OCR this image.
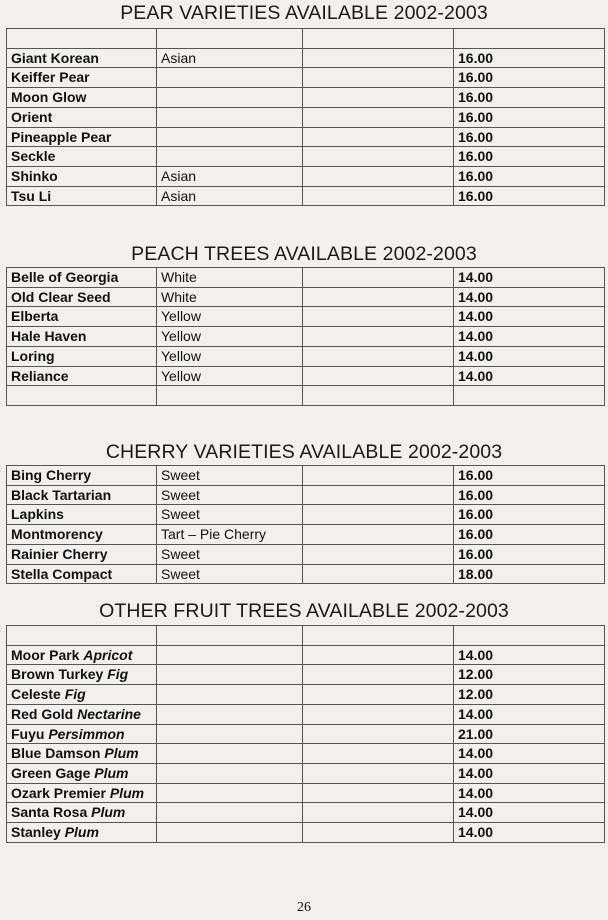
PEAR VARIETIES AVAILABLE 2002-2003

Giant Korean	Asian		16.00
Keiffer Pear			16.00
Moon Glow			16.00
Orient			16.00
Pineapple Pear			16.00
Seckle			16.00
Shinko	Asian		16.00
Tsu Li	Asian		16.00
PEACH TREES AVAILABLE 2002-2003
Belle of Georgia	White		14.00
Old Clear Seed	White		14.00
Elberta	Yellow		14.00
Hale Haven	Yellow		14.00
Loring	Yellow		14.00
Reliance	Yellow		14.00

CHERRY VARIETIES AVAILABLE 2002-2003
Bing Cherry	Sweet		16.00
Black Tartarian	Sweet		16.00
Lapkins	Sweet		16.00
Montmorency	Tart – Pie Cherry		16.00
Rainier Cherry	Sweet		16.00
Stella Compact	Sweet		18.00
OTHER FRUIT TREES AVAILABLE 2002-2003

Moor Park Apricot			14.00
Brown Turkey Fig			12.00
Celeste Fig			12.00
Red Gold Nectarine			14.00
Fuyu Persimmon			21.00
Blue Damson Plum			14.00
Green Gage Plum			14.00
Ozark Premier Plum			14.00
Santa Rosa Plum			14.00
Stanley Plum			14.00
26
